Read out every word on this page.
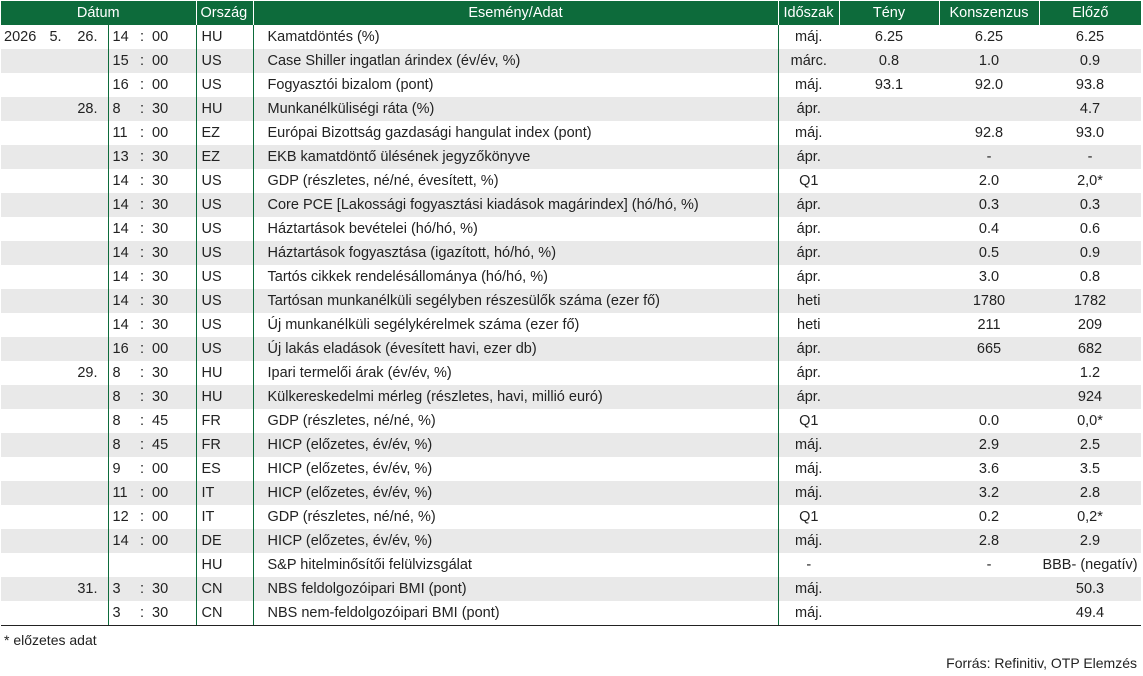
Dátum						Ország	Esemény/Adat	Időszak	Tény	Konszenzus	Előző
2026	5.	26.	14	:	00	HU	Kamatdöntés (%)	máj.	6.25	6.25	6.25
			15	:	00	US	Case Shiller ingatlan árindex (év/év, %)	márc.	0.8	1.0	0.9
			16	:	00	US	Fogyasztói bizalom (pont)	máj.	93.1	92.0	93.8
		28.	8	:	30	HU	Munkanélküliségi ráta (%)	ápr.			4.7
			11	:	00	EZ	Európai Bizottság gazdasági hangulat index (pont)	máj.		92.8	93.0
			13	:	30	EZ	EKB kamatdöntő ülésének jegyzőkönyve	ápr.		-	-
			14	:	30	US	GDP (részletes, né/né, évesített, %)	Q1		2.0	2,0*
			14	:	30	US	Core PCE [Lakossági fogyasztási kiadások magárindex] (hó/hó, %)	ápr.		0.3	0.3
			14	:	30	US	Háztartások bevételei (hó/hó, %)	ápr.		0.4	0.6
			14	:	30	US	Háztartások fogyasztása (igazított, hó/hó, %)	ápr.		0.5	0.9
			14	:	30	US	Tartós cikkek rendelésállománya (hó/hó, %)	ápr.		3.0	0.8
			14	:	30	US	Tartósan munkanélküli segélyben részesülők száma (ezer fő)	heti		1780	1782
			14	:	30	US	Új munkanélküli segélykérelmek száma (ezer fő)	heti		211	209
			16	:	00	US	Új lakás eladások (évesített havi, ezer db)	ápr.		665	682
		29.	8	:	30	HU	Ipari termelői árak (év/év, %)	ápr.			1.2
			8	:	30	HU	Külkereskedelmi mérleg (részletes, havi, millió euró)	ápr.			924
			8	:	45	FR	GDP (részletes, né/né, %)	Q1		0.0	0,0*
			8	:	45	FR	HICP (előzetes, év/év, %)	máj.		2.9	2.5
			9	:	00	ES	HICP (előzetes, év/év, %)	máj.		3.6	3.5
			11	:	00	IT	HICP (előzetes, év/év, %)	máj.		3.2	2.8
			12	:	00	IT	GDP (részletes, né/né, %)	Q1		0.2	0,2*
			14	:	00	DE	HICP (előzetes, év/év, %)	máj.		2.8	2.9
						HU	S&P hitelminősítői felülvizsgálat	-		-	BBB- (negatív)
		31.	3	:	30	CN	NBS feldolgozóipari BMI (pont)	máj.			50.3
			3	:	30	CN	NBS nem-feldolgozóipari BMI (pont)	máj.			49.4
* előzetes adat
Forrás: Refinitiv, OTP Elemzés
